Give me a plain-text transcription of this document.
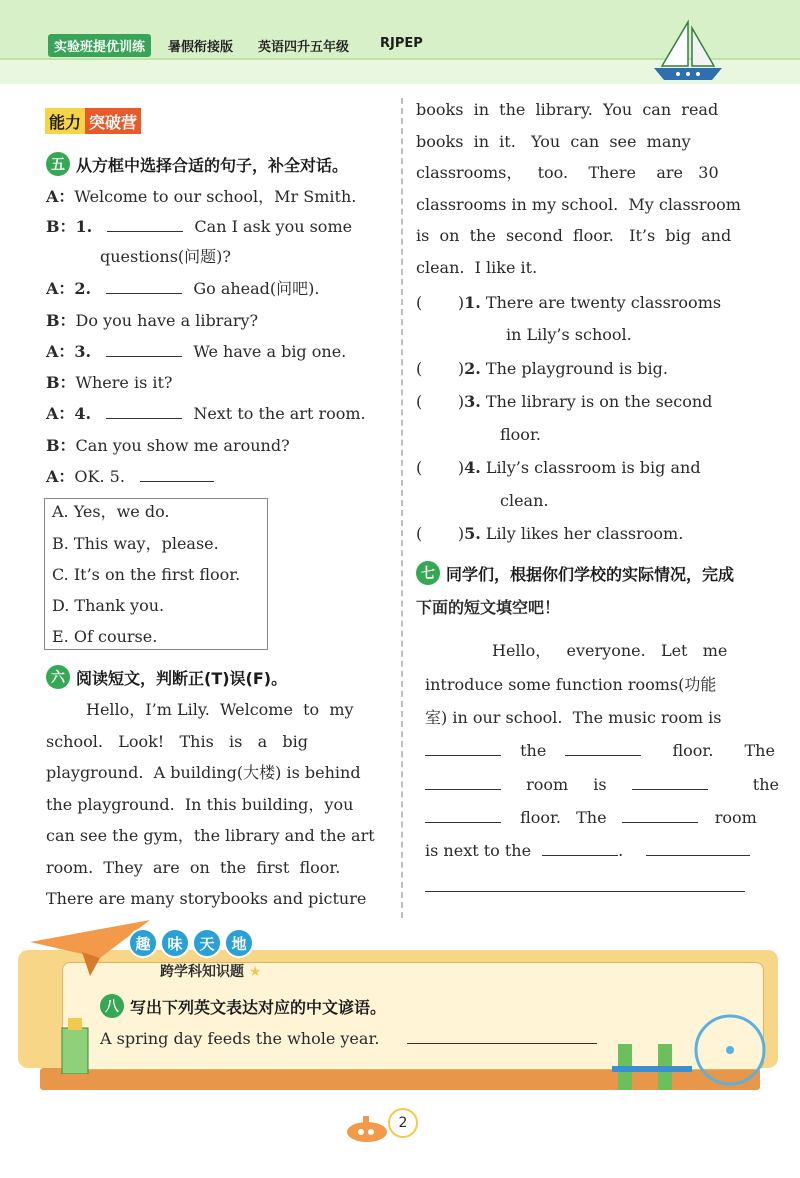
实验班提优训练	暑假衔接版 英语四升五年级 RJPEP
能力 突破营
五 从方框中选择合适的句子，补全对话。
A：Welcome to our school，Mr Smith.
B：1.	Can I ask you some
questions(问题)?
A：2.	Go ahead(问吧).
B：Do you have a library?
A：3.	We have a big one.
B：Where is it?
A：4.	Next to the art room.
B：Can you show me around?
A：OK. 5.
A. Yes，we do.
B. This way，please.
C. It’s on the first floor.
D. Thank you.
E. Of course.
六 阅读短文，判断正(T)误(F)。
Hello，I’m Lily.  Welcome  to  my
school.   Look!   This   is   a   big
playground.  A building(大楼) is behind
the playground.  In this building，you
can see the gym，the library and the art
room.  They  are  on  the  first  floor.
There are many storybooks and picture
books  in  the  library.  You  can  read
books  in  it.   You  can  see  many
classrooms，   too.    There    are   30
classrooms in my school.  My classroom
is  on  the  second  floor.   It’s  big  and
clean.  I like it.
(       )1. There are twenty classrooms
in Lily’s school.
(       )2. The playground is big.
(       )3. The library is on the second
floor.
(       )4. Lily’s classroom is big and
clean.
(       )5. Lily likes her classroom.
七 同学们，根据你们学校的实际情况，完成
下面的短文填空吧！
Hello，   everyone.   Let   me
introduce some function rooms(功能
室) in our school.  The music room is
the	floor. The
room is	the
floor. The	room
is next to the	.
趣	味	天	地
跨学科知识题 ★
八 写出下列英文表达对应的中文谚语。
A spring day feeds the whole year.
2
